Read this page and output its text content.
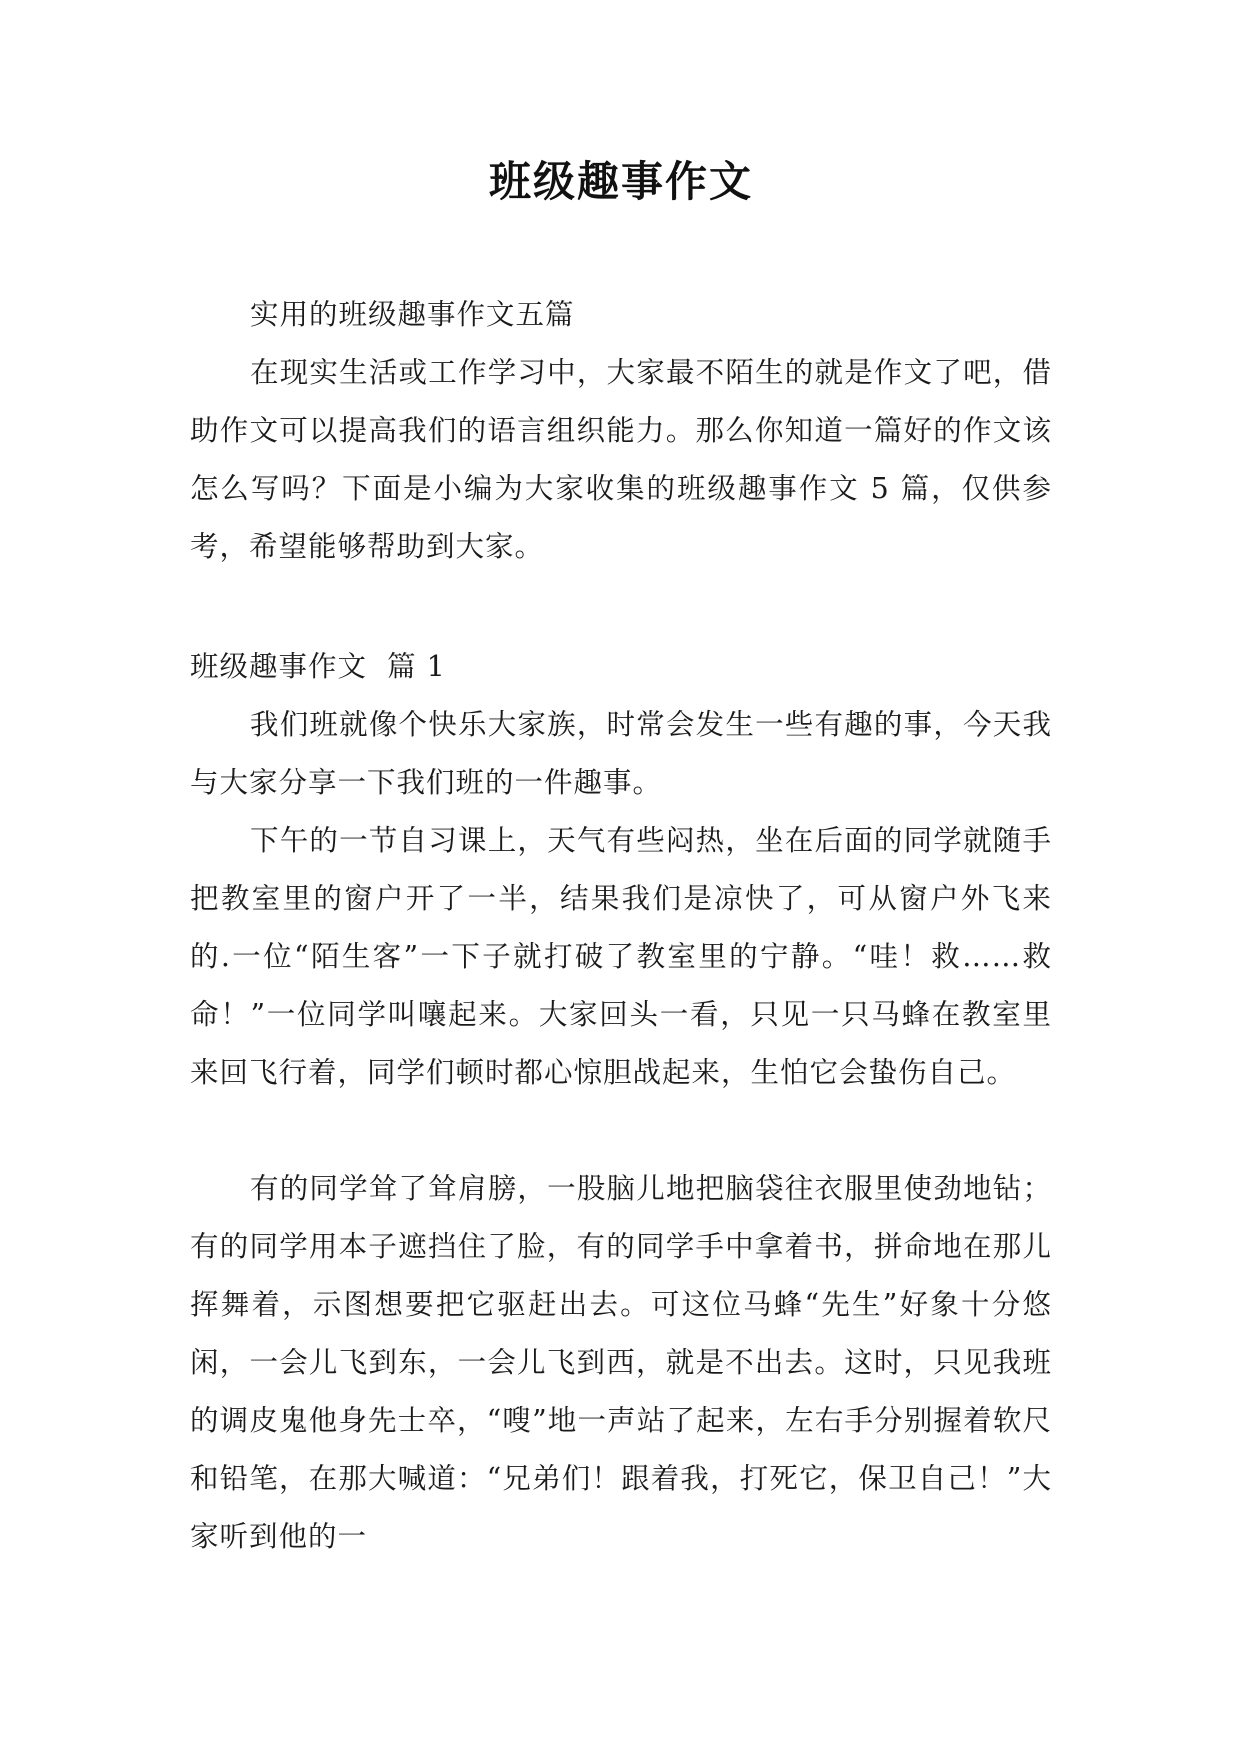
班级趣事作文

实用的班级趣事作文五篇

在现实生活或工作学习中，大家最不陌生的就是作文了吧，借助作文可以提高我们的语言组织能力。那么你知道一篇好的作文该怎么写吗？下面是小编为大家收集的班级趣事作文 5 篇，仅供参考，希望能够帮助到大家。

班级趣事作文  篇 1

我们班就像个快乐大家族，时常会发生一些有趣的事，今天我与大家分享一下我们班的一件趣事。

下午的一节自习课上，天气有些闷热，坐在后面的同学就随手把教室里的窗户开了一半，结果我们是凉快了，可从窗户外飞来的.一位“陌生客”一下子就打破了教室里的宁静。“哇！救……救命！”一位同学叫嚷起来。大家回头一看，只见一只马蜂在教室里来回飞行着，同学们顿时都心惊胆战起来，生怕它会蛰伤自己。

有的同学耸了耸肩膀，一股脑儿地把脑袋往衣服里使劲地钻；有的同学用本子遮挡住了脸，有的同学手中拿着书，拼命地在那儿挥舞着，示图想要把它驱赶出去。可这位马蜂“先生”好象十分悠闲，一会儿飞到东，一会儿飞到西，就是不出去。这时，只见我班的调皮鬼他身先士卒，“嗖”地一声站了起来，左右手分别握着软尺和铅笔，在那大喊道：“兄弟们！跟着我，打死它，保卫自己！”大家听到他的一
